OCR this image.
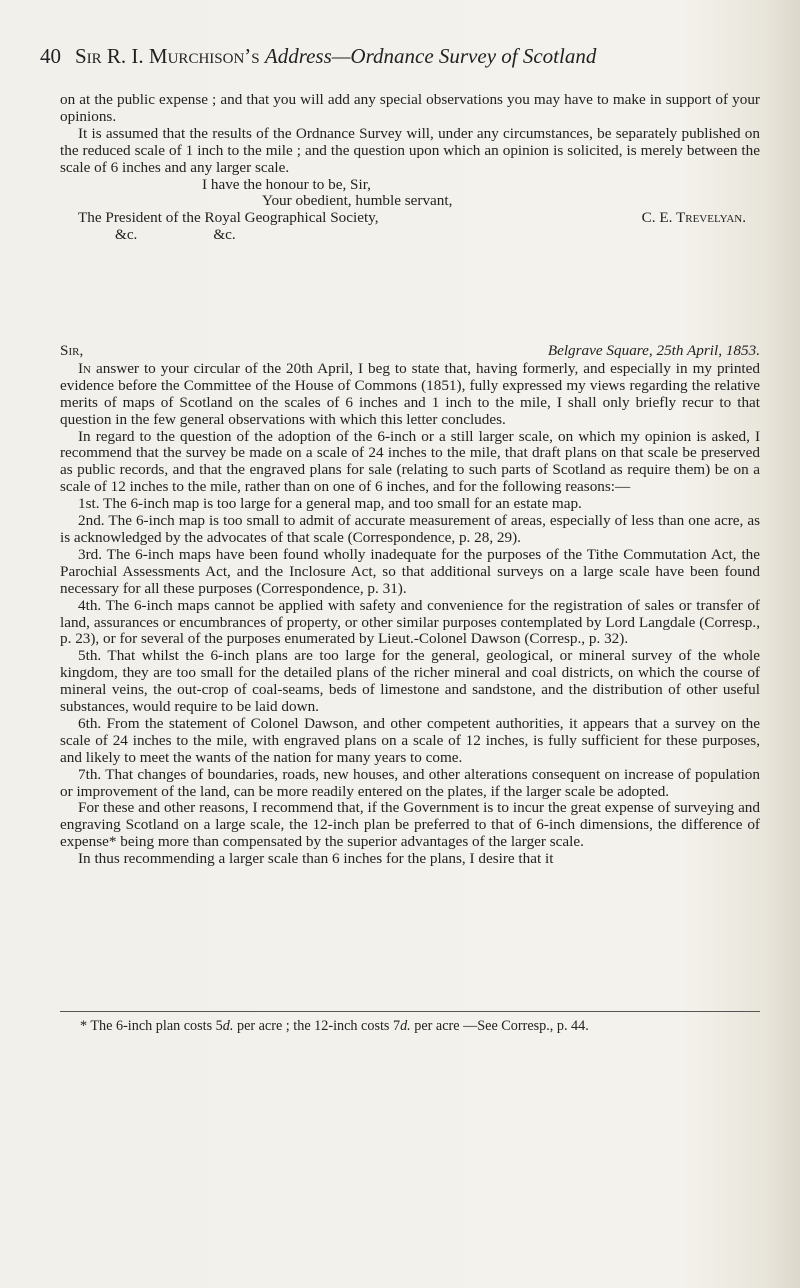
40 Sir R. I. Murchison’s Address—Ordnance Survey of Scotland

on at the public expense ; and that you will add any special observations you may have to make in support of your opinions.

It is assumed that the results of the Ordnance Survey will, under any circumstances, be separately published on the reduced scale of 1 inch to the mile ; and the question upon which an opinion is solicited, is merely between the scale of 6 inches and any larger scale.

I have the honour to be, Sir,

Your obedient, humble servant,

The President of the Royal Geographical Society,	C. E. Trevelyan.

&c.	&c.

Sir,	Belgrave Square, 25th April, 1853.

In answer to your circular of the 20th April, I beg to state that, having formerly, and especially in my printed evidence before the Committee of the House of Commons (1851), fully expressed my views regarding the relative merits of maps of Scotland on the scales of 6 inches and 1 inch to the mile, I shall only briefly recur to that question in the few general observations with which this letter concludes.

In regard to the question of the adoption of the 6-inch or a still larger scale, on which my opinion is asked, I recommend that the survey be made on a scale of 24 inches to the mile, that draft plans on that scale be preserved as public records, and that the engraved plans for sale (relating to such parts of Scotland as require them) be on a scale of 12 inches to the mile, rather than on one of 6 inches, and for the following reasons:—

1st. The 6-inch map is too large for a general map, and too small for an estate map.

2nd. The 6-inch map is too small to admit of accurate measurement of areas, especially of less than one acre, as is acknowledged by the advocates of that scale (Correspondence, p. 28, 29).

3rd. The 6-inch maps have been found wholly inadequate for the purposes of the Tithe Commutation Act, the Parochial Assessments Act, and the Inclosure Act, so that additional surveys on a large scale have been found necessary for all these purposes (Correspondence, p. 31).

4th. The 6-inch maps cannot be applied with safety and convenience for the registration of sales or transfer of land, assurances or encumbrances of property, or other similar purposes contemplated by Lord Langdale (Corresp., p. 23), or for several of the purposes enumerated by Lieut.-Colonel Dawson (Corresp., p. 32).

5th. That whilst the 6-inch plans are too large for the general, geological, or mineral survey of the whole kingdom, they are too small for the detailed plans of the richer mineral and coal districts, on which the course of mineral veins, the out-crop of coal-seams, beds of limestone and sandstone, and the distribution of other useful substances, would require to be laid down.

6th. From the statement of Colonel Dawson, and other competent authorities, it appears that a survey on the scale of 24 inches to the mile, with engraved plans on a scale of 12 inches, is fully sufficient for these purposes, and likely to meet the wants of the nation for many years to come.

7th. That changes of boundaries, roads, new houses, and other alterations consequent on increase of population or improvement of the land, can be more readily entered on the plates, if the larger scale be adopted.

For these and other reasons, I recommend that, if the Government is to incur the great expense of surveying and engraving Scotland on a large scale, the 12-inch plan be preferred to that of 6-inch dimensions, the difference of expense* being more than compensated by the superior advantages of the larger scale.

In thus recommending a larger scale than 6 inches for the plans, I desire that it

* The 6-inch plan costs 5d. per acre ; the 12-inch costs 7d. per acre —See Corresp., p. 44.
